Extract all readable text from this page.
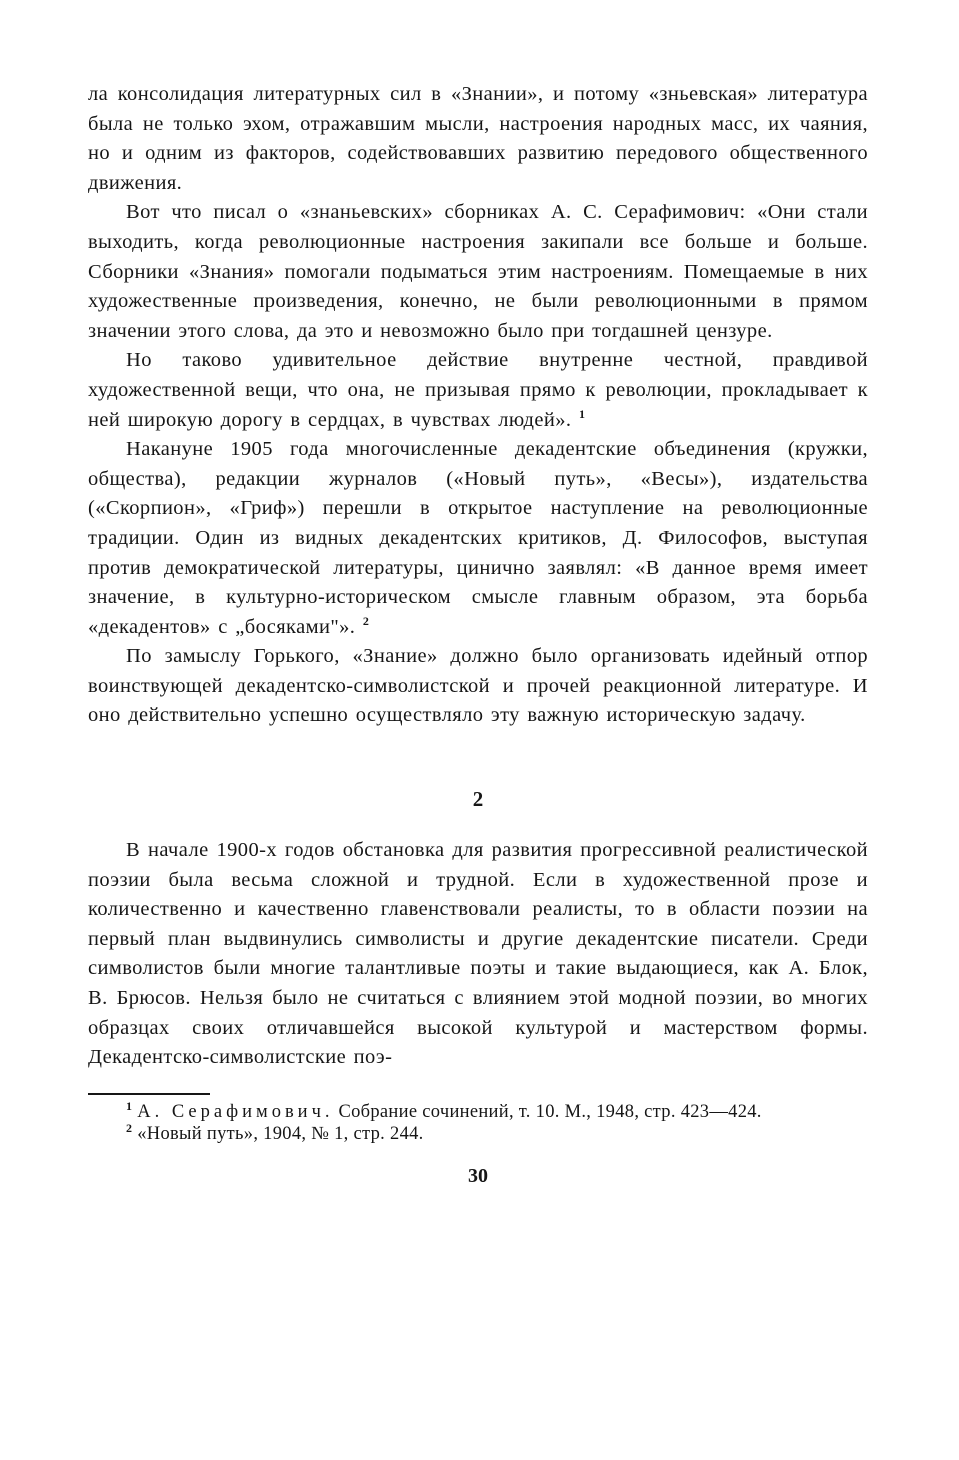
ла консолидация литературных сил в «Знании», и потому «зньевская» литература была не только эхом, отражавшим мысли, настроения народных масс, их чаяния, но и одним из факторов, содействовавших развитию передового общественного движения.

Вот что писал о «знаньевских» сборниках А. С. Серафимович: «Они стали выходить, когда революционные настроения закипали все больше и больше. Сборники «Знания» помогали подыматься этим настроениям. Помещаемые в них художественные произведения, конечно, не были революционными в прямом значении этого слова, да это и невозможно было при тогдашней цензуре.

Но таково удивительное действие внутренне честной, правдивой художественной вещи, что она, не призывая прямо к революции, прокладывает к ней широкую дорогу в сердцах, в чувствах людей». $^1$

Накануне 1905 года многочисленные декадентские объединения (кружки, общества), редакции журналов («Новый путь», «Весы»), издательства («Скорпион», «Гриф») перешли в открытое наступление на революционные традиции. Один из видных декадентских критиков, Д. Философов, выступая против демократической литературы, цинично заявлял: «В данное время имеет значение, в культурно-историческом смысле главным образом, эта борьба «декадентов» с „босяками"». $^2$

По замыслу Горького, «Знание» должно было организовать идейный отпор воинствующей декадентско-символистской и прочей реакционной литературе. И оно действительно успешно осуществляло эту важную историческую задачу.

2

В начале 1900-х годов обстановка для развития прогрессивной реалистической поэзии была весьма сложной и трудной. Если в художественной прозе и количественно и качественно главенствовали реалисты, то в области поэзии на первый план выдвинулись символисты и другие декадентские писатели. Среди символистов были многие талантливые поэты и такие выдающиеся, как А. Блок, В. Брюсов. Нельзя было не считаться с влиянием этой модной поэзии, во многих образцах своих отличавшейся высокой культурой и мастерством формы. Декадентско-символистские поэ-

$^1$ А. Серафимович. Собрание сочинений, т. 10. М., 1948, стр. 423—424.

$^2$ «Новый путь», 1904, № 1, стр. 244.

30
